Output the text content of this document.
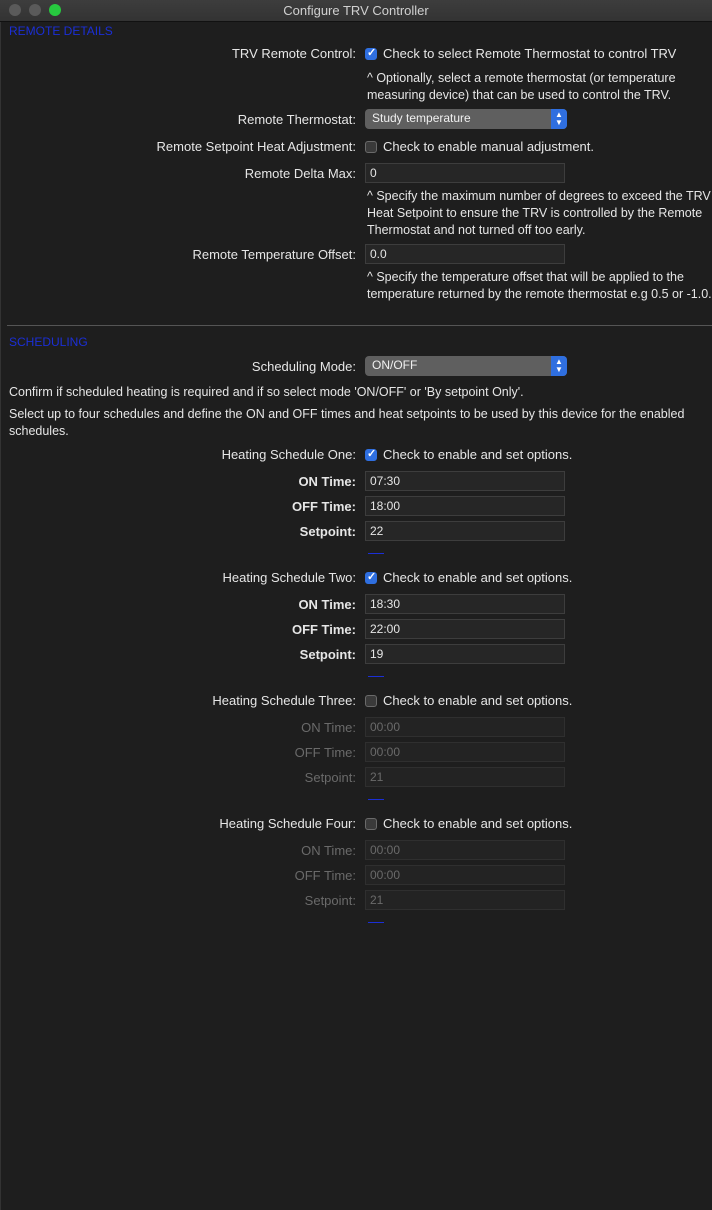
Configure TRV Controller
REMOTE DETAILS
TRV Remote Control: ✓ Check to select Remote Thermostat to control TRV
^ Optionally, select a remote thermostat (or temperature measuring device) that can be used to control the TRV.
Remote Thermostat:	Study temperature	▲
▼
Remote Setpoint Heat Adjustment: Check to enable manual adjustment.
Remote Delta Max:	0
^ Specify the maximum number of degrees to exceed the TRV Heat Setpoint to ensure the TRV is controlled by the Remote Thermostat and not turned off too early.
Remote Temperature Offset:	0.0
^ Specify the temperature offset that will be applied to the temperature returned by the remote thermostat e.g 0.5 or -1.0.
SCHEDULING
Scheduling Mode:	ON/OFF	▲
▼
Confirm if scheduled heating is required and if so select mode 'ON/OFF' or 'By setpoint Only'.
Select up to four schedules and define the ON and OFF times and heat setpoints to be used by this device for the enabled schedules.
Heating Schedule One: ✓ Check to enable and set options.
ON Time:	07:30
OFF Time:	18:00
Setpoint:	22
Heating Schedule Two: ✓ Check to enable and set options.
ON Time:	18:30
OFF Time:	22:00
Setpoint:	19
Heating Schedule Three: Check to enable and set options.
ON Time:	00:00
OFF Time:	00:00
Setpoint:	21
Heating Schedule Four: Check to enable and set options.
ON Time:	00:00
OFF Time:	00:00
Setpoint:	21
